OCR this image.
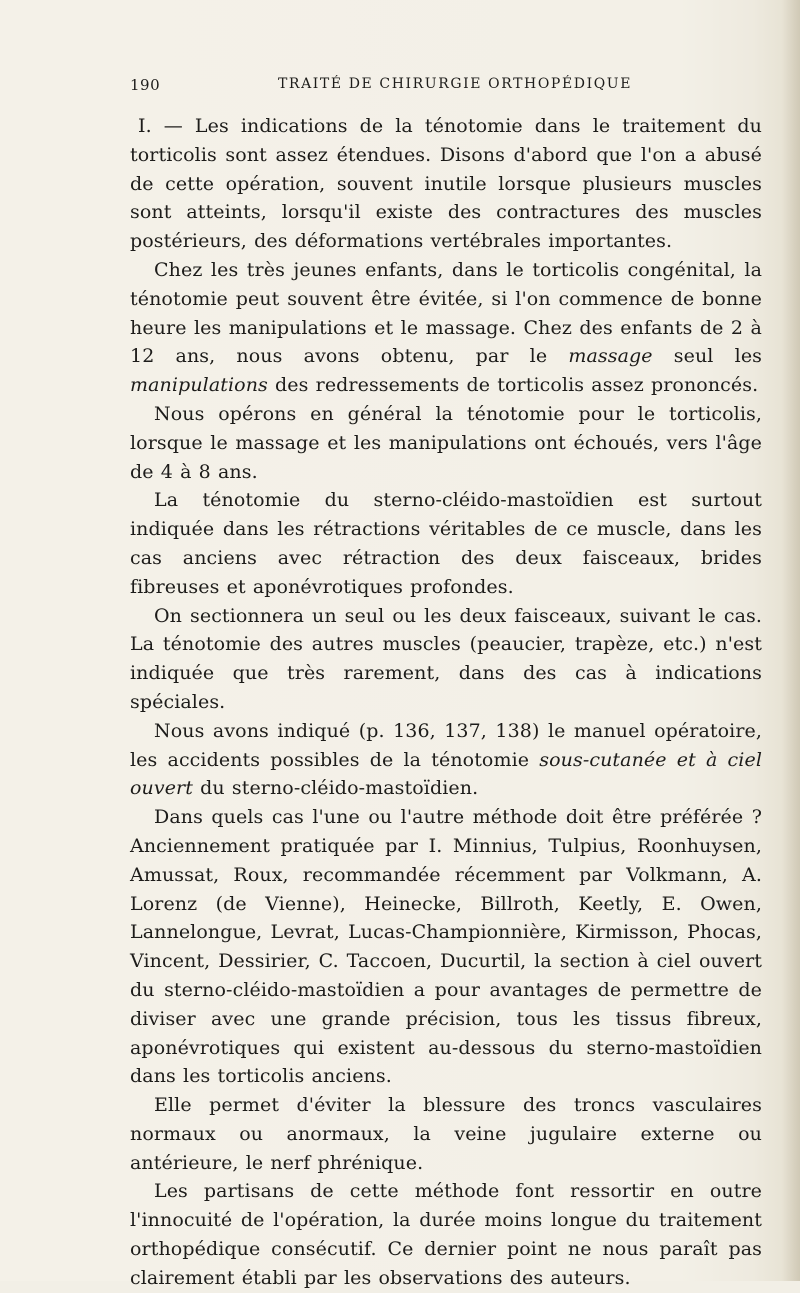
190	TRAITÉ DE CHIRURGIE ORTHOPÉDIQUE

I. — Les indications de la ténotomie dans le traitement du torticolis sont assez étendues. Disons d'abord que l'on a abusé de cette opération, souvent inutile lorsque plusieurs muscles sont atteints, lorsqu'il existe des contractures des muscles postérieurs, des déformations vertébrales importantes.

Chez les très jeunes enfants, dans le torticolis congénital, la ténotomie peut souvent être évitée, si l'on commence de bonne heure les manipulations et le massage. Chez des enfants de 2 à 12 ans, nous avons obtenu, par le massage seul les manipulations des redressements de torticolis assez prononcés.

Nous opérons en général la ténotomie pour le torticolis, lorsque le massage et les manipulations ont échoués, vers l'âge de 4 à 8 ans.

La ténotomie du sterno-cléido-mastoïdien est surtout indiquée dans les rétractions véritables de ce muscle, dans les cas anciens avec rétraction des deux faisceaux, brides fibreuses et aponévrotiques profondes.

On sectionnera un seul ou les deux faisceaux, suivant le cas. La ténotomie des autres muscles (peaucier, trapèze, etc.) n'est indiquée que très rarement, dans des cas à indications spéciales.

Nous avons indiqué (p. 136, 137, 138) le manuel opératoire, les accidents possibles de la ténotomie sous-cutanée et à ciel ouvert du sterno-cléido-mastoïdien.

Dans quels cas l'une ou l'autre méthode doit être préférée ? Anciennement pratiquée par I. Minnius, Tulpius, Roonhuysen, Amussat, Roux, recommandée récemment par Volkmann, A. Lorenz (de Vienne), Heinecke, Billroth, Keetly, E. Owen, Lannelongue, Levrat, Lucas-Championnière, Kirmisson, Phocas, Vincent, Dessirier, C. Taccoen, Ducurtil, la section à ciel ouvert du sterno-cléido-mastoïdien a pour avantages de permettre de diviser avec une grande précision, tous les tissus fibreux, aponévrotiques qui existent au-dessous du sterno-mastoïdien dans les torticolis anciens.

Elle permet d'éviter la blessure des troncs vasculaires normaux ou anormaux, la veine jugulaire externe ou antérieure, le nerf phrénique.

Les partisans de cette méthode font ressortir en outre l'innocuité de l'opération, la durée moins longue du traitement orthopédique consécutif. Ce dernier point ne nous paraît pas clairement établi par les observations des auteurs.
